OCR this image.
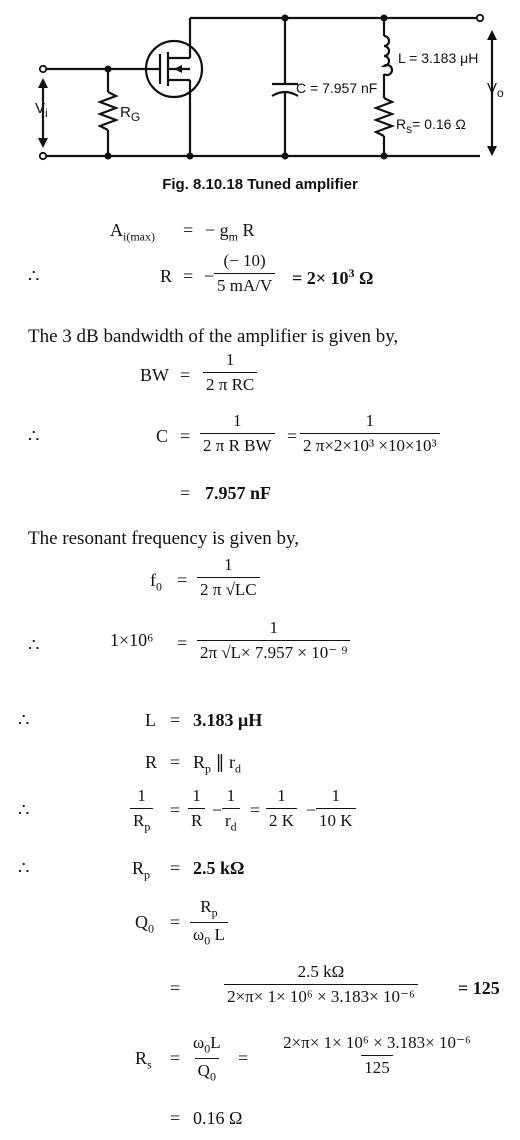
$V_i$	$R_G$
C = 7.957 nF
L = 3.183 μH
$R_s= 0.16$ Ω
$V_o$
Fig. 8.10.18 Tuned amplifier
$A_{i(max)}$ = − $g_m$ R
∴	R = − $\frac{(- 10)}{5 mA/V} = 2\times 10^3$ Ω
The 3 dB bandwidth of the amplifier is given by,
BW = $\frac{1}{\text{2 π RC}}$
∴	$C = \frac{1}{\text{2 π R BW}} = \frac{1}{\text{2 π×2×10³ ×10×10³}}$
= 7.957 nF
The resonant frequency is given by,
$f_0 = \frac{1}{2 \pi √LC}$
∴	$1\times 10^6 = \frac{1}{\text{2π √L× 7.957 × 10⁻ ⁹}}$
∴	L = 3.183 μH
$R = R_p$ ∥ $r_d$
∴	$\frac{1}{R_p} = \frac{1}{R} - \frac{1}{r_d} = \frac{1}{2 K} - \frac{1}{10 K}$
∴	$R_p = 2.5$ kΩ
$Q_0 = \frac{R_p}{\omega_0 L}$
= $\frac{2.5 k\Omega}{\text{2×π× 1× 10⁶ × 3.183× 10⁻⁶}} = 125$
$R_s = \frac{\omega_0L}{Q_0} = \frac{\text{2×π× 1× 10⁶ × 3.183× 10⁻⁶}}{125}$
= 0.16 Ω
